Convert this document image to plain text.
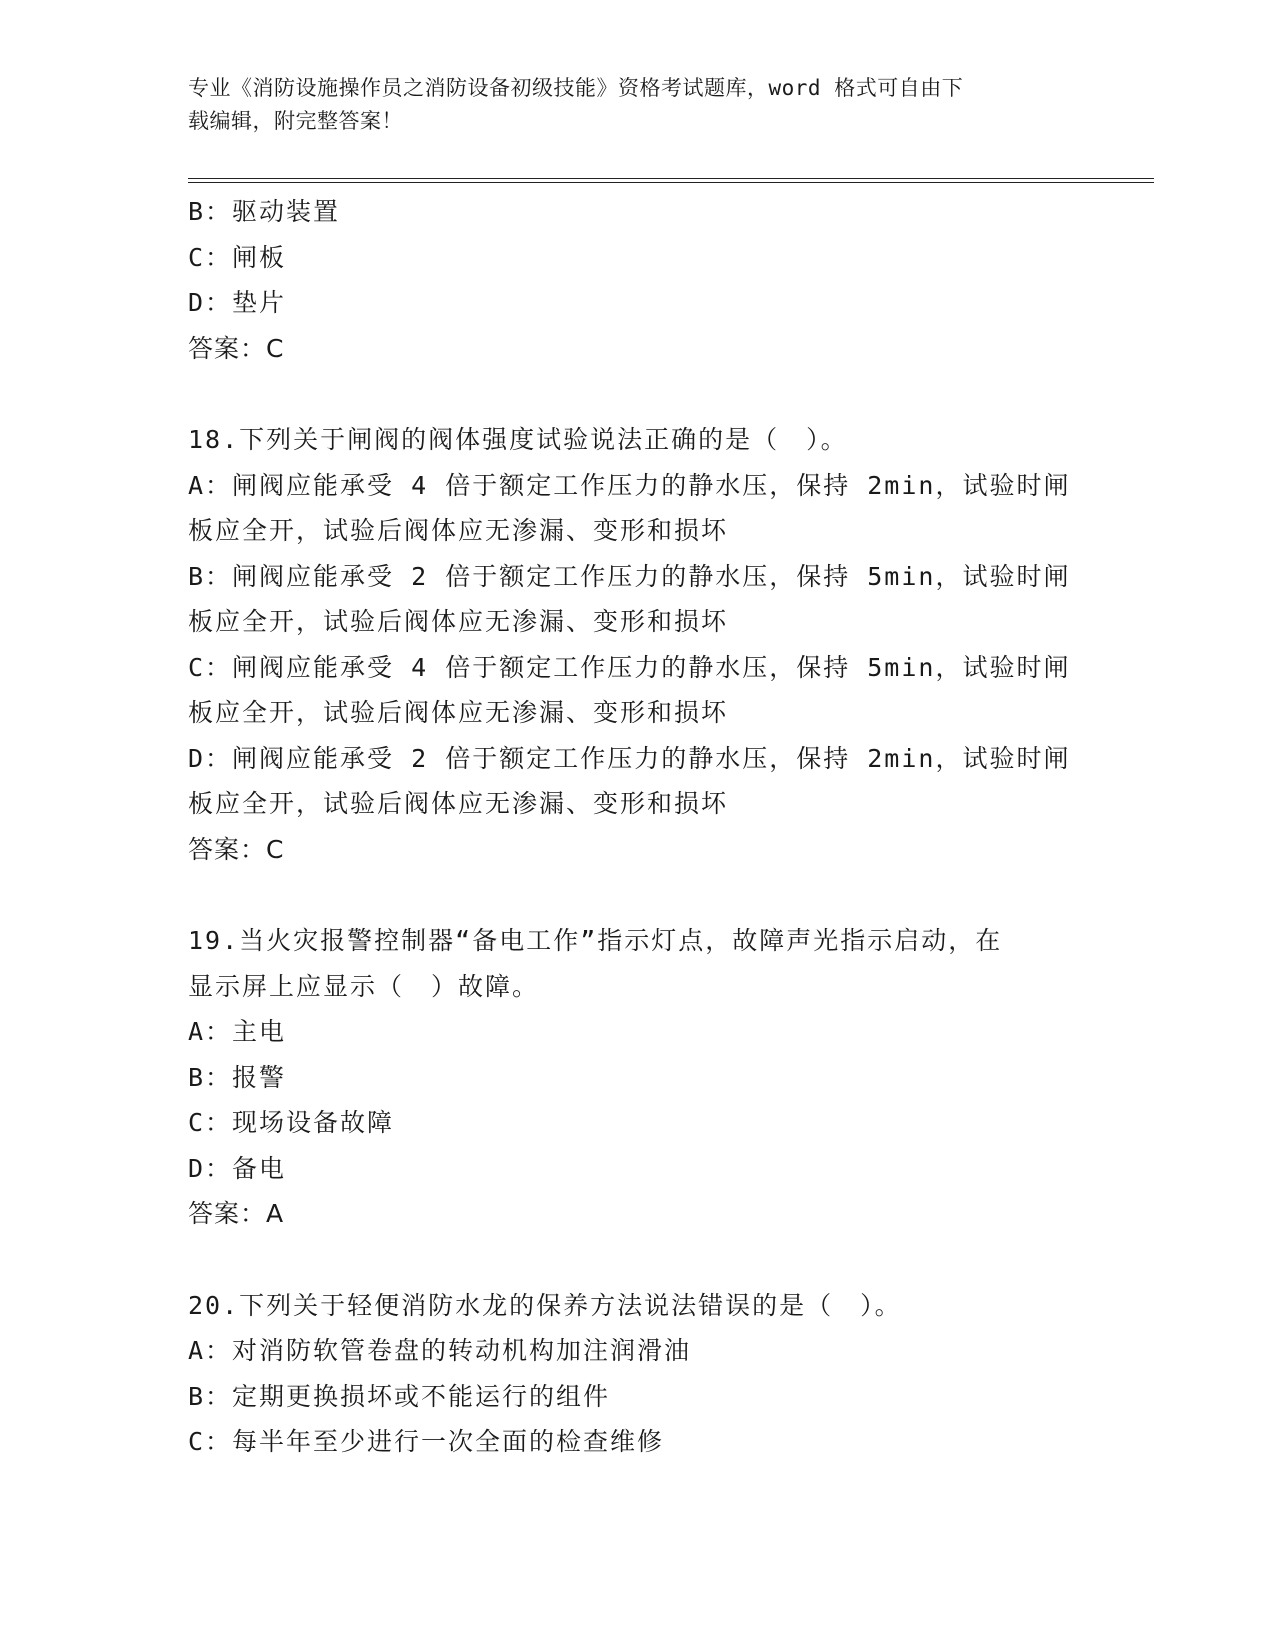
专业《消防设施操作员之消防设备初级技能》资格考试题库，word 格式可自由下
载编辑，附完整答案！
B：驱动装置
C：闸板
D：垫片
答案：C
18.下列关于闸阀的阀体强度试验说法正确的是（　）。
A：闸阀应能承受 4 倍于额定工作压力的静水压，保持 2min，试验时闸
板应全开，试验后阀体应无渗漏、变形和损坏
B：闸阀应能承受 2 倍于额定工作压力的静水压，保持 5min，试验时闸
板应全开，试验后阀体应无渗漏、变形和损坏
C：闸阀应能承受 4 倍于额定工作压力的静水压，保持 5min，试验时闸
板应全开，试验后阀体应无渗漏、变形和损坏
D：闸阀应能承受 2 倍于额定工作压力的静水压，保持 2min，试验时闸
板应全开，试验后阀体应无渗漏、变形和损坏
答案：C
19.当火灾报警控制器“备电工作”指示灯点，故障声光指示启动，在
显示屏上应显示（　）故障。
A：主电
B：报警
C：现场设备故障
D：备电
答案：A
20.下列关于轻便消防水龙的保养方法说法错误的是（　）。
A：对消防软管卷盘的转动机构加注润滑油
B：定期更换损坏或不能运行的组件
C：每半年至少进行一次全面的检查维修
